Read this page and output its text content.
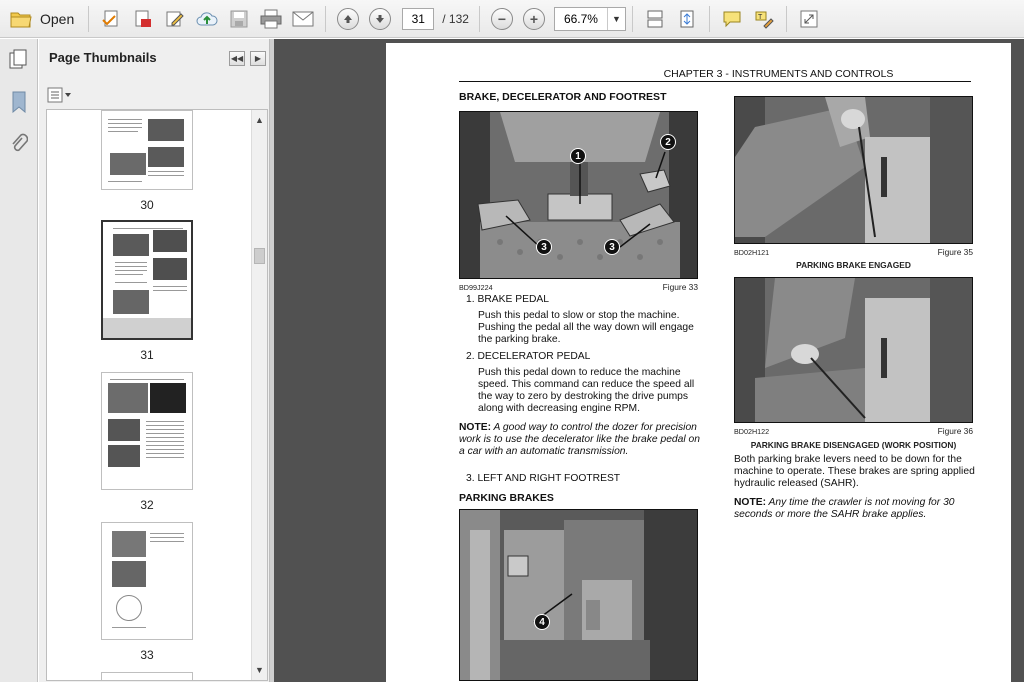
Open	31	/ 132	−	+	66.7%	▼	T
Page Thumbnails	◀◀ ▶
30
31
32
33
▲
▼
CHAPTER 3 - INSTRUMENTS AND CONTROLS
BRAKE, DECELERATOR AND FOOTREST
1
2
3	3
BD99J224	Figure 33
1. BRAKE PEDAL
Push this pedal to slow or stop the machine.
Pushing the pedal all the way down will engage
the parking brake.
2. DECELERATOR PEDAL
Push this pedal down to reduce the machine
speed. This command can reduce the speed all
the way to zero by destroking the drive pumps
along with decreasing engine RPM.
NOTE: A good way to control the dozer for precision
work is to use the decelerator like the brake pedal on
a car with an automatic transmission.
3. LEFT AND RIGHT FOOTREST
PARKING BRAKES
4
BD02H121	Figure 35
PARKING BRAKE ENGAGED
BD02H122	Figure 36
PARKING BRAKE DISENGAGED (WORK POSITION)
Both parking brake levers need to be down for the
machine to operate. These brakes are spring applied
hydraulic released (SAHR).
NOTE: Any time the crawler is not moving for 30
seconds or more the SAHR brake applies.
